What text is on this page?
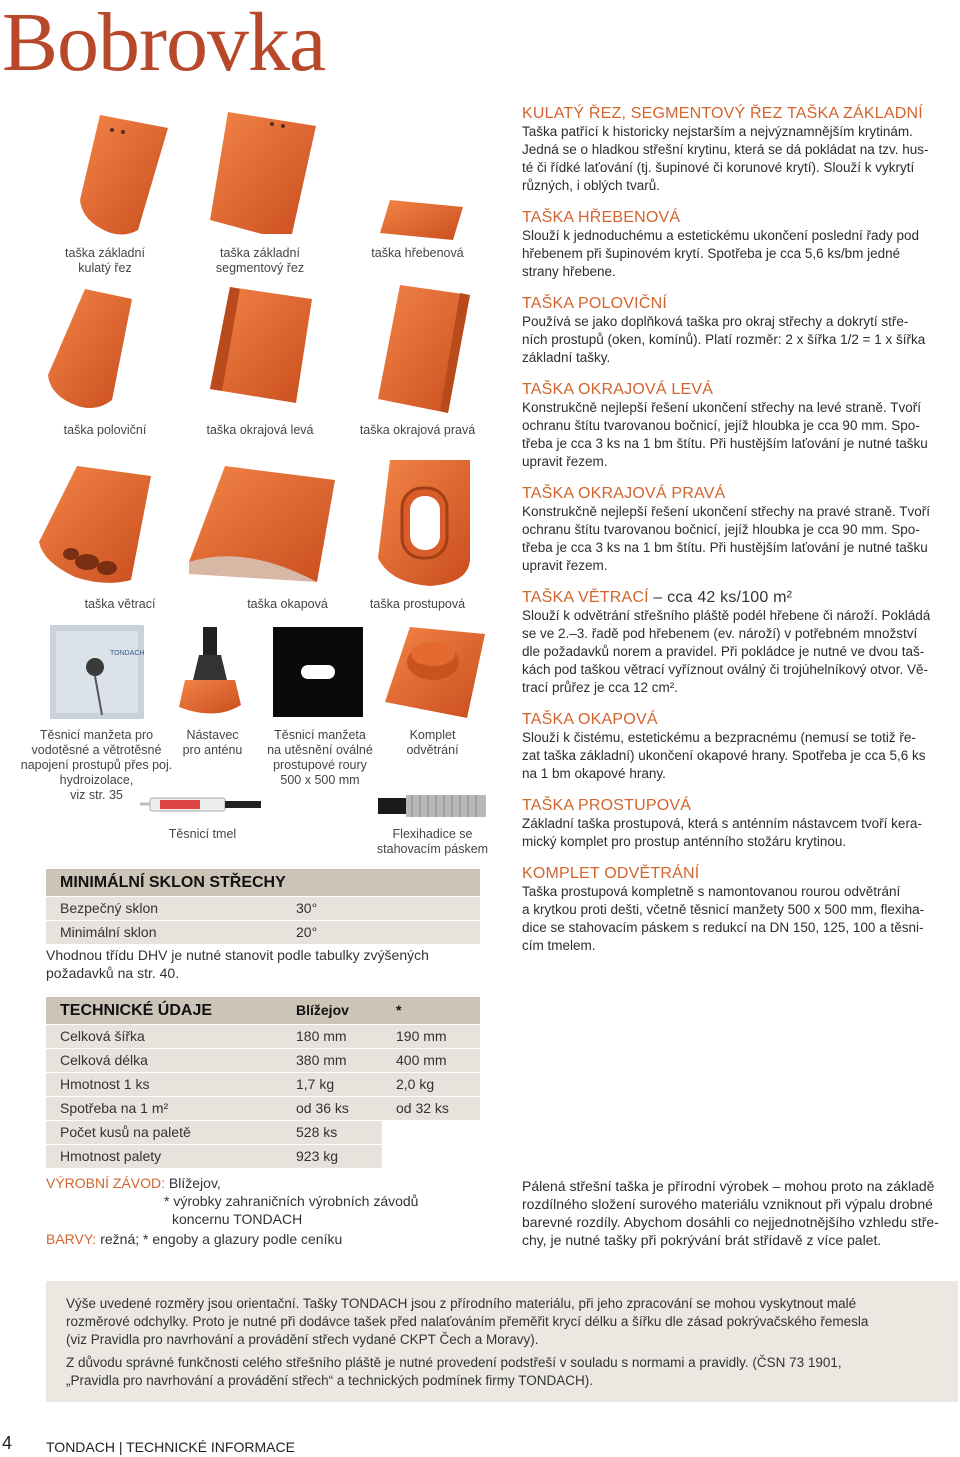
Bobrovka
taška základní
kulatý řez
taška základní
segmentový řez
taška hřebenová
taška poloviční	taška okrajová levá	taška okrajová pravá
taška větrací	taška okapová	taška prostupová
TONDACH
Těsnicí manžeta pro
vodotěsné a větrotěsné
napojení prostupů přes poj.
hydroizolace,
viz str. 35
Nástavec
pro anténu
Těsnicí manžeta
na utěsnění oválné
prostupové roury
500 x 500 mm
Komplet
odvětrání
Těsnicí tmel	Flexihadice se
stahovacím páskem
KULATÝ ŘEZ, SEGMENTOVÝ ŘEZ TAŠKA ZÁKLADNÍ
Taška patřící k historicky nejstarším a nejvýznamnějším krytinám.
Jedná se o hladkou střešní krytinu, která se dá pokládat na tzv. hus-
té či řídké laťování (tj. šupinové či korunové krytí). Slouží k vykrytí
různých, i oblých tvarů.
TAŠKA HŘEBENOVÁ
Slouží k jednoduchému a estetickému ukončení poslední řady pod
hřebenem při šupinovém krytí. Spotřeba je cca 5,6 ks/bm jedné
strany hřebene.
TAŠKA POLOVIČNÍ
Používá se jako doplňková taška pro okraj střechy a dokrytí stře-
ních prostupů (oken, komínů). Platí rozměr: 2 x šířka 1/2 = 1 x šířka
základní tašky.
TAŠKA OKRAJOVÁ LEVÁ
Konstrukčně nejlepší řešení ukončení střechy na levé straně. Tvoří
ochranu štítu tvarovanou bočnicí, jejíž hloubka je cca 90 mm. Spo-
třeba je cca 3 ks na 1 bm štítu. Při hustějším laťování je nutné tašku
upravit řezem.
TAŠKA OKRAJOVÁ PRAVÁ
Konstrukčně nejlepší řešení ukončení střechy na pravé straně. Tvoří
ochranu štítu tvarovanou bočnicí, jejíž hloubka je cca 90 mm. Spo-
třeba je cca 3 ks na 1 bm štítu. Při hustějším laťování je nutné tašku
upravit řezem.
TAŠKA VĚTRACÍ – cca 42 ks/100 m²
Slouží k odvětrání střešního pláště podél hřebene či nároží. Pokládá
se ve 2.–3. řadě pod hřebenem (ev. nároží) v potřebném množství
dle požadavků norem a pravidel. Při pokládce je nutné ve dvou taš-
kách pod taškou větrací vyříznout oválný či trojúhelníkový otvor. Vě-
trací průřez je cca 12 cm².
TAŠKA OKAPOVÁ
Slouží k čistému, estetickému a bezpracnému (nemusí se totiž ře-
zat taška základní) ukončení okapové hrany. Spotřeba je cca 5,6 ks
na 1 bm okapové hrany.
TAŠKA PROSTUPOVÁ
Základní taška prostupová, která s anténním nástavcem tvoří kera-
mický komplet pro prostup anténního stožáru krytinou.
KOMPLET ODVĚTRÁNÍ
Taška prostupová kompletně s namontovanou rourou odvětrání
a krytkou proti dešti, včetně těsnicí manžety 500 x 500 mm, flexiha-
dice se stahovacím páskem s redukcí na DN 150, 125, 100 a těsni-
cím tmelem.
MINIMÁLNÍ SKLON STŘECHY
Bezpečný sklon	30°
Minimální sklon	20°
Vhodnou třídu DHV je nutné stanovit podle tabulky zvýšených
požadavků na str. 40.
TECHNICKÉ ÚDAJE	Blížejov	*
Celková šířka	180 mm	190 mm
Celková délka	380 mm	400 mm
Hmotnost 1 ks	1,7 kg	2,0 kg
Spotřeba na 1 m²	od 36 ks	od 32 ks
Počet kusů na paletě	528 ks
Hmotnost palety	923 kg
VÝROBNÍ ZÁVOD: Blížejov,
* výrobky zahraničních výrobních závodů
koncernu TONDACH
BARVY: režná; * engoby a glazury podle ceníku
Pálená střešní taška je přírodní výrobek – mohou proto na základě
rozdílného složení surového materiálu vzniknout při výpalu drobné
barevné rozdíly. Abychom dosáhli co nejjednotnějšího vzhledu stře-
chy, je nutné tašky při pokrývání brát střídavě z více palet.
Výše uvedené rozměry jsou orientační. Tašky TONDACH jsou z přírodního materiálu, při jeho zpracování se mohou vyskytnout malé
rozměrové odchylky. Proto je nutné při dodávce tašek před nalaťováním přeměřit krycí délku a šířku dle zásad pokrývačského řemesla
(viz Pravidla pro navrhování a provádění střech vydané CKPT Čech a Moravy).
Z důvodu správné funkčnosti celého střešního pláště je nutné provedení podstřeší v souladu s normami a pravidly. (ČSN 73 1901,
„Pravidla pro navrhování a provádění střech“ a technických podmínek firmy TONDACH).
4 TONDACH | TECHNICKÉ INFORMACE
